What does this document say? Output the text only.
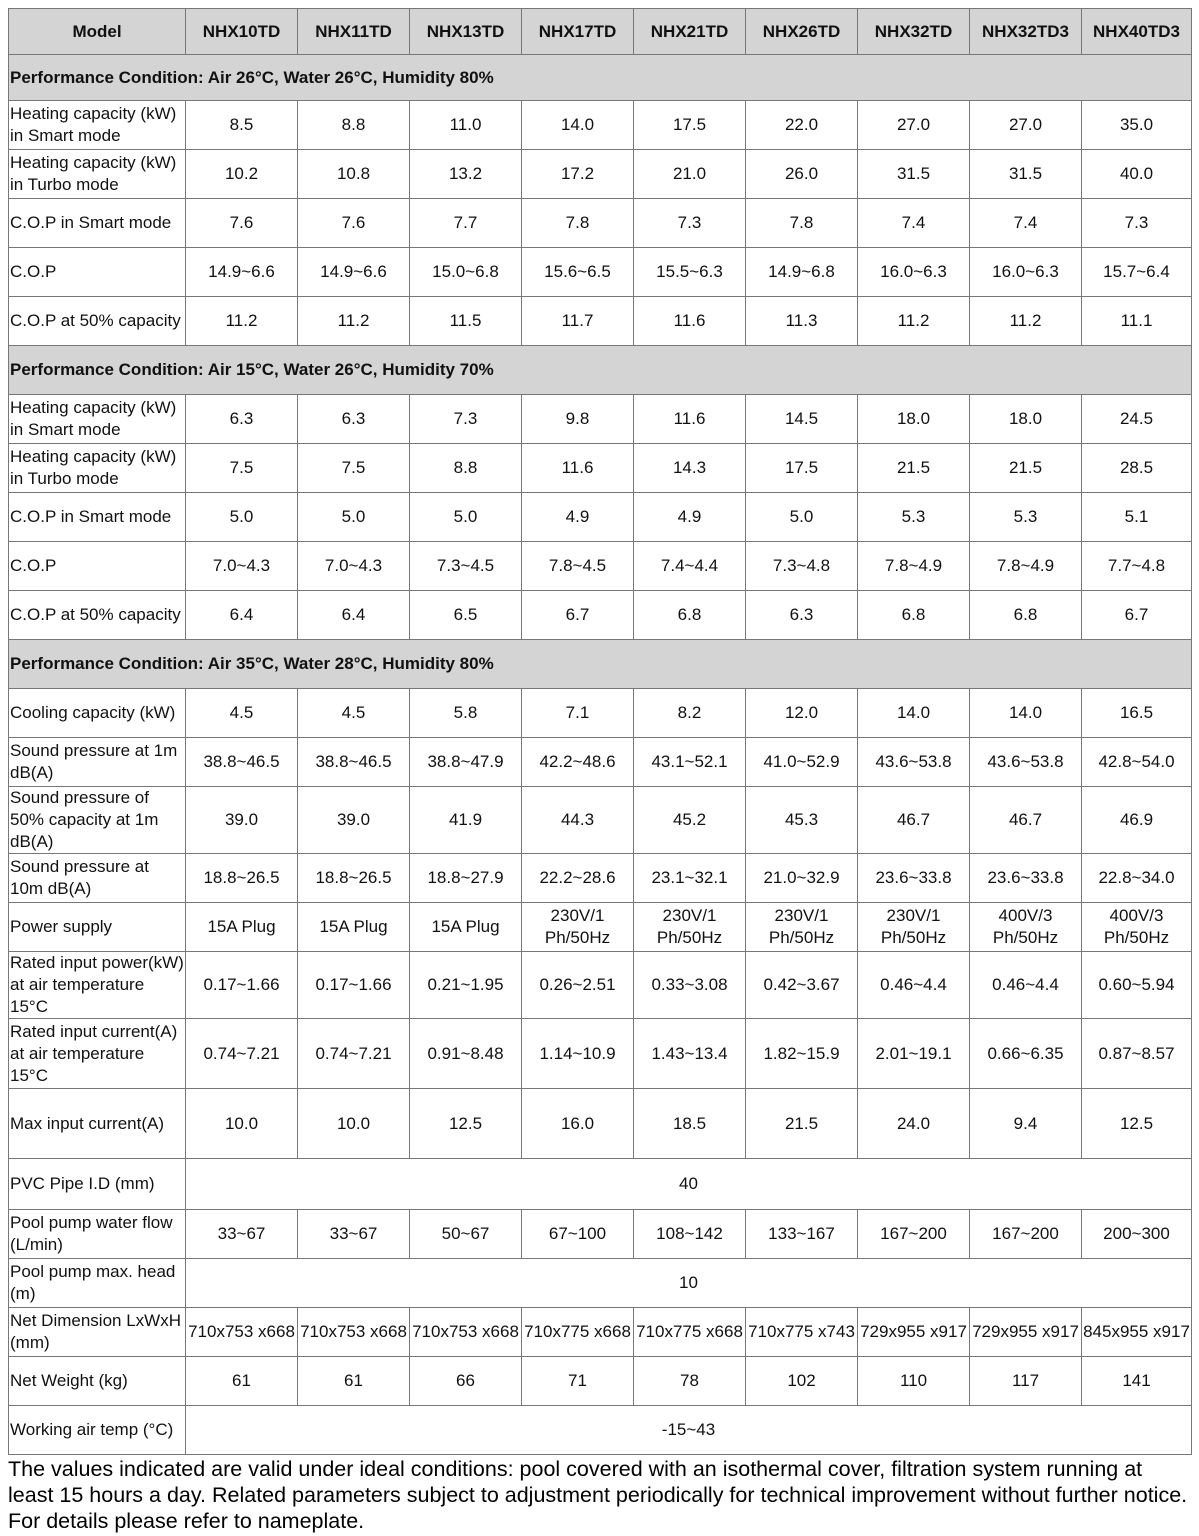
Model	NHX10TD	NHX11TD	NHX13TD	NHX17TD	NHX21TD	NHX26TD	NHX32TD	NHX32TD3	NHX40TD3
Performance Condition: Air 26°C, Water 26°C, Humidity 80%									
Heating capacity (kW) in Smart mode	8.5	8.8	11.0	14.0	17.5	22.0	27.0	27.0	35.0
Heating capacity (kW) in Turbo mode	10.2	10.8	13.2	17.2	21.0	26.0	31.5	31.5	40.0
C.O.P in Smart mode	7.6	7.6	7.7	7.8	7.3	7.8	7.4	7.4	7.3
C.O.P	14.9~6.6	14.9~6.6	15.0~6.8	15.6~6.5	15.5~6.3	14.9~6.8	16.0~6.3	16.0~6.3	15.7~6.4
C.O.P at 50% capacity	11.2	11.2	11.5	11.7	11.6	11.3	11.2	11.2	11.1
Performance Condition: Air 15°C, Water 26°C, Humidity 70%									
Heating capacity (kW) in Smart mode	6.3	6.3	7.3	9.8	11.6	14.5	18.0	18.0	24.5
Heating capacity (kW) in Turbo mode	7.5	7.5	8.8	11.6	14.3	17.5	21.5	21.5	28.5
C.O.P in Smart mode	5.0	5.0	5.0	4.9	4.9	5.0	5.3	5.3	5.1
C.O.P	7.0~4.3	7.0~4.3	7.3~4.5	7.8~4.5	7.4~4.4	7.3~4.8	7.8~4.9	7.8~4.9	7.7~4.8
C.O.P at 50% capacity	6.4	6.4	6.5	6.7	6.8	6.3	6.8	6.8	6.7
Performance Condition: Air 35°C, Water 28°C, Humidity 80%									
Cooling capacity (kW)	4.5	4.5	5.8	7.1	8.2	12.0	14.0	14.0	16.5
Sound pressure at 1m dB(A)	38.8~46.5	38.8~46.5	38.8~47.9	42.2~48.6	43.1~52.1	41.0~52.9	43.6~53.8	43.6~53.8	42.8~54.0
Sound pressure of 50% capacity at 1m dB(A)	39.0	39.0	41.9	44.3	45.2	45.3	46.7	46.7	46.9
Sound pressure at 10m dB(A)	18.8~26.5	18.8~26.5	18.8~27.9	22.2~28.6	23.1~32.1	21.0~32.9	23.6~33.8	23.6~33.8	22.8~34.0
Power supply	15A Plug	15A Plug	15A Plug	230V/1 Ph/50Hz	230V/1 Ph/50Hz	230V/1 Ph/50Hz	230V/1 Ph/50Hz	400V/3 Ph/50Hz	400V/3 Ph/50Hz
Rated input power(kW) at air temperature 15°C	0.17~1.66	0.17~1.66	0.21~1.95	0.26~2.51	0.33~3.08	0.42~3.67	0.46~4.4	0.46~4.4	0.60~5.94
Rated input current(A) at air temperature 15°C	0.74~7.21	0.74~7.21	0.91~8.48	1.14~10.9	1.43~13.4	1.82~15.9	2.01~19.1	0.66~6.35	0.87~8.57
Max input current(A)	10.0	10.0	12.5	16.0	18.5	21.5	24.0	9.4	12.5
PVC Pipe I.D (mm)	40								
Pool pump water flow (L/min)	33~67	33~67	50~67	67~100	108~142	133~167	167~200	167~200	200~300
Pool pump max. head (m)	10								
Net Dimension LxWxH (mm)	710x753 x668	710x753 x668	710x753 x668	710x775 x668	710x775 x668	710x775 x743	729x955 x917	729x955 x917	845x955 x917
Net Weight (kg)	61	61	66	71	78	102	110	117	141
Working air temp (°C)	-15~43								
The values indicated are valid under ideal conditions: pool covered with an isothermal cover, filtration system running at least 15 hours a day. Related parameters subject to adjustment periodically for technical improvement without further notice. For details please refer to nameplate.
